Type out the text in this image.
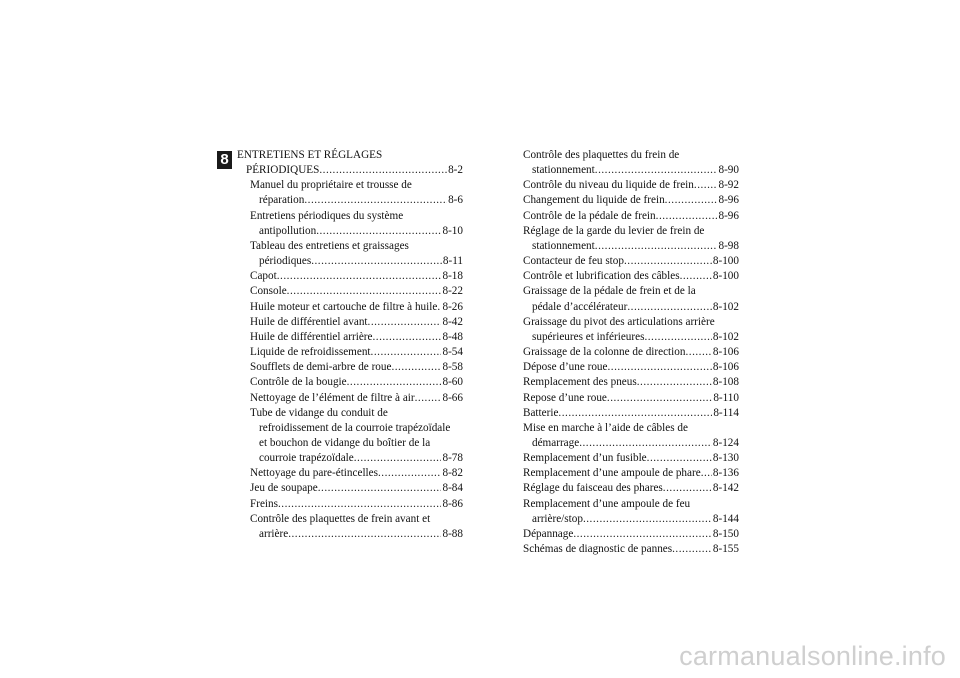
8 ENTRETIENS ET RÉGLAGES
PÉRIODIQUES .....	8-2
Manuel du propriétaire et trousse de
réparation .....	8-6
Entretiens périodiques du système
antipollution .....	8-10
Tableau des entretiens et graissages
périodiques .....	8-11
Capot .....	8-18
Console .....	8-22
Huile moteur et cartouche de filtre à huile ..... 8-26
Huile de différentiel avant .....	8-42
Huile de différentiel arrière .....	8-48
Liquide de refroidissement .....	8-54
Soufflets de demi-arbre de roue .....	8-58
Contrôle de la bougie .....	8-60
Nettoyage de l’élément de filtre à air ..... 8-66
Tube de vidange du conduit de
refroidissement de la courroie trapézoïdale
et bouchon de vidange du boîtier de la
courroie trapézoïdale .....	8-78
Nettoyage du pare-étincelles .....	8-82
Jeu de soupape .....	8-84
Freins .....	8-86
Contrôle des plaquettes de frein avant et
arrière .....	8-88
Contrôle des plaquettes du frein de
stationnement .....	8-90
Contrôle du niveau du liquide de frein ..... 8-92
Changement du liquide de frein .....	8-96
Contrôle de la pédale de frein .....	8-96
Réglage de la garde du levier de frein de
stationnement .....	8-98
Contacteur de feu stop .....	8-100
Contrôle et lubrification des câbles .....	8-100
Graissage de la pédale de frein et de la
pédale d’accélérateur .....	8-102
Graissage du pivot des articulations arrière
supérieures et inférieures .....	8-102
Graissage de la colonne de direction ..... 8-106
Dépose d’une roue .....	8-106
Remplacement des pneus .....	8-108
Repose d’une roue .....	8-110
Batterie .....	8-114
Mise en marche à l’aide de câbles de
démarrage .....	8-124
Remplacement d’un fusible .....	8-130
Remplacement d’une ampoule de phare ..... 8-136
Réglage du faisceau des phares .....	8-142
Remplacement d’une ampoule de feu
arrière/stop .....	8-144
Dépannage .....	8-150
Schémas de diagnostic de pannes .....	8-155
carmanualsonline.info
